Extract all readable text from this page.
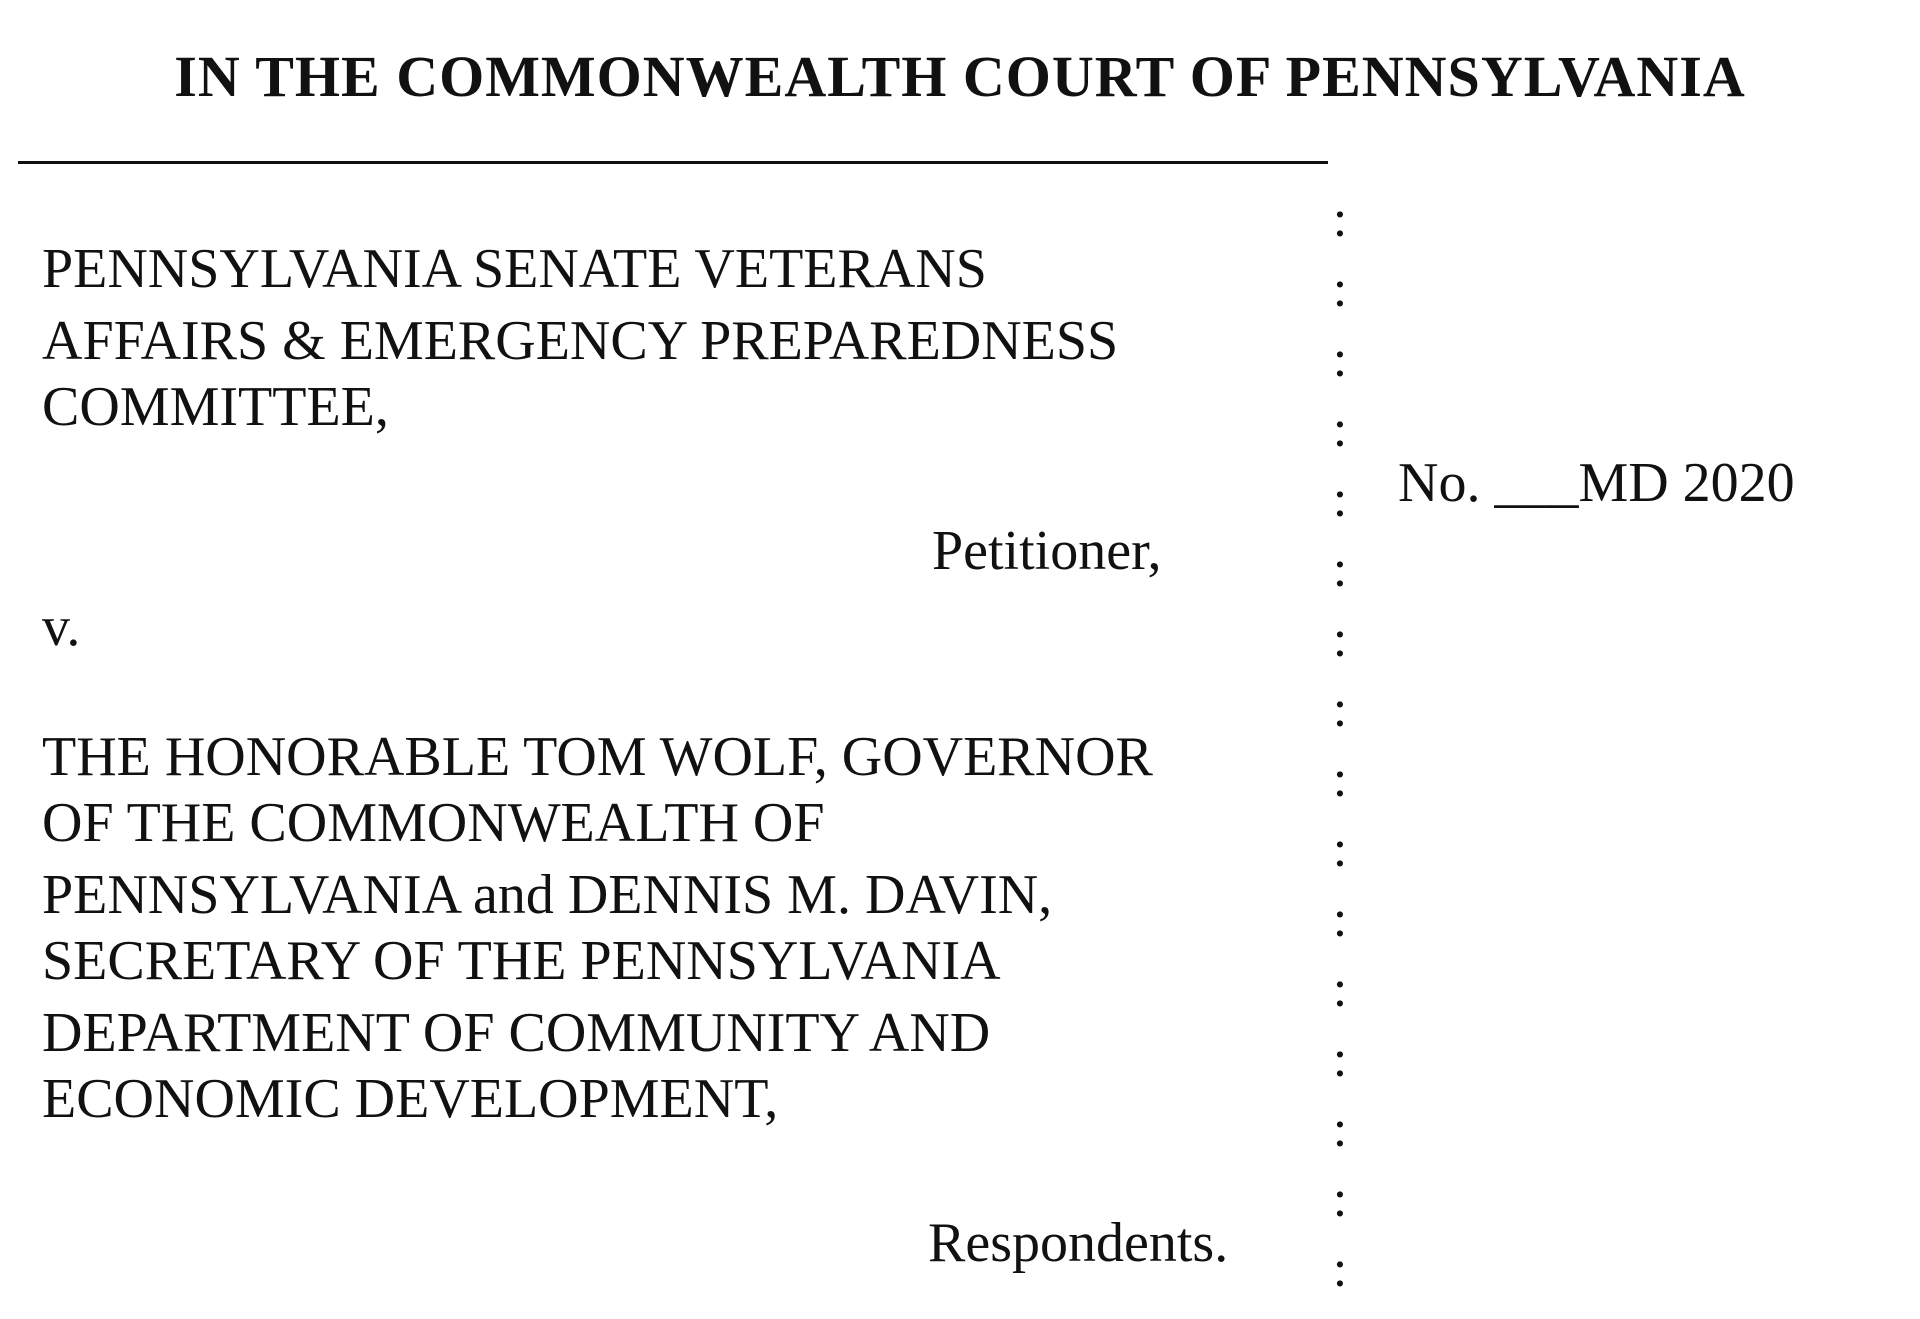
IN THE COMMONWEALTH COURT OF PENNSYLVANIA
PENNSYLVANIA SENATE VETERANS
AFFAIRS & EMERGENCY PREPAREDNESS
COMMITTEE,
Petitioner,
v.
THE HONORABLE TOM WOLF, GOVERNOR
OF THE COMMONWEALTH OF
PENNSYLVANIA and DENNIS M. DAVIN,
SECRETARY OF THE PENNSYLVANIA
DEPARTMENT OF COMMUNITY AND
ECONOMIC DEVELOPMENT,
Respondents.
:
:
:
:
:
:
:
:
:
:
:
:
:
:
:
:
No. ___MD 2020
